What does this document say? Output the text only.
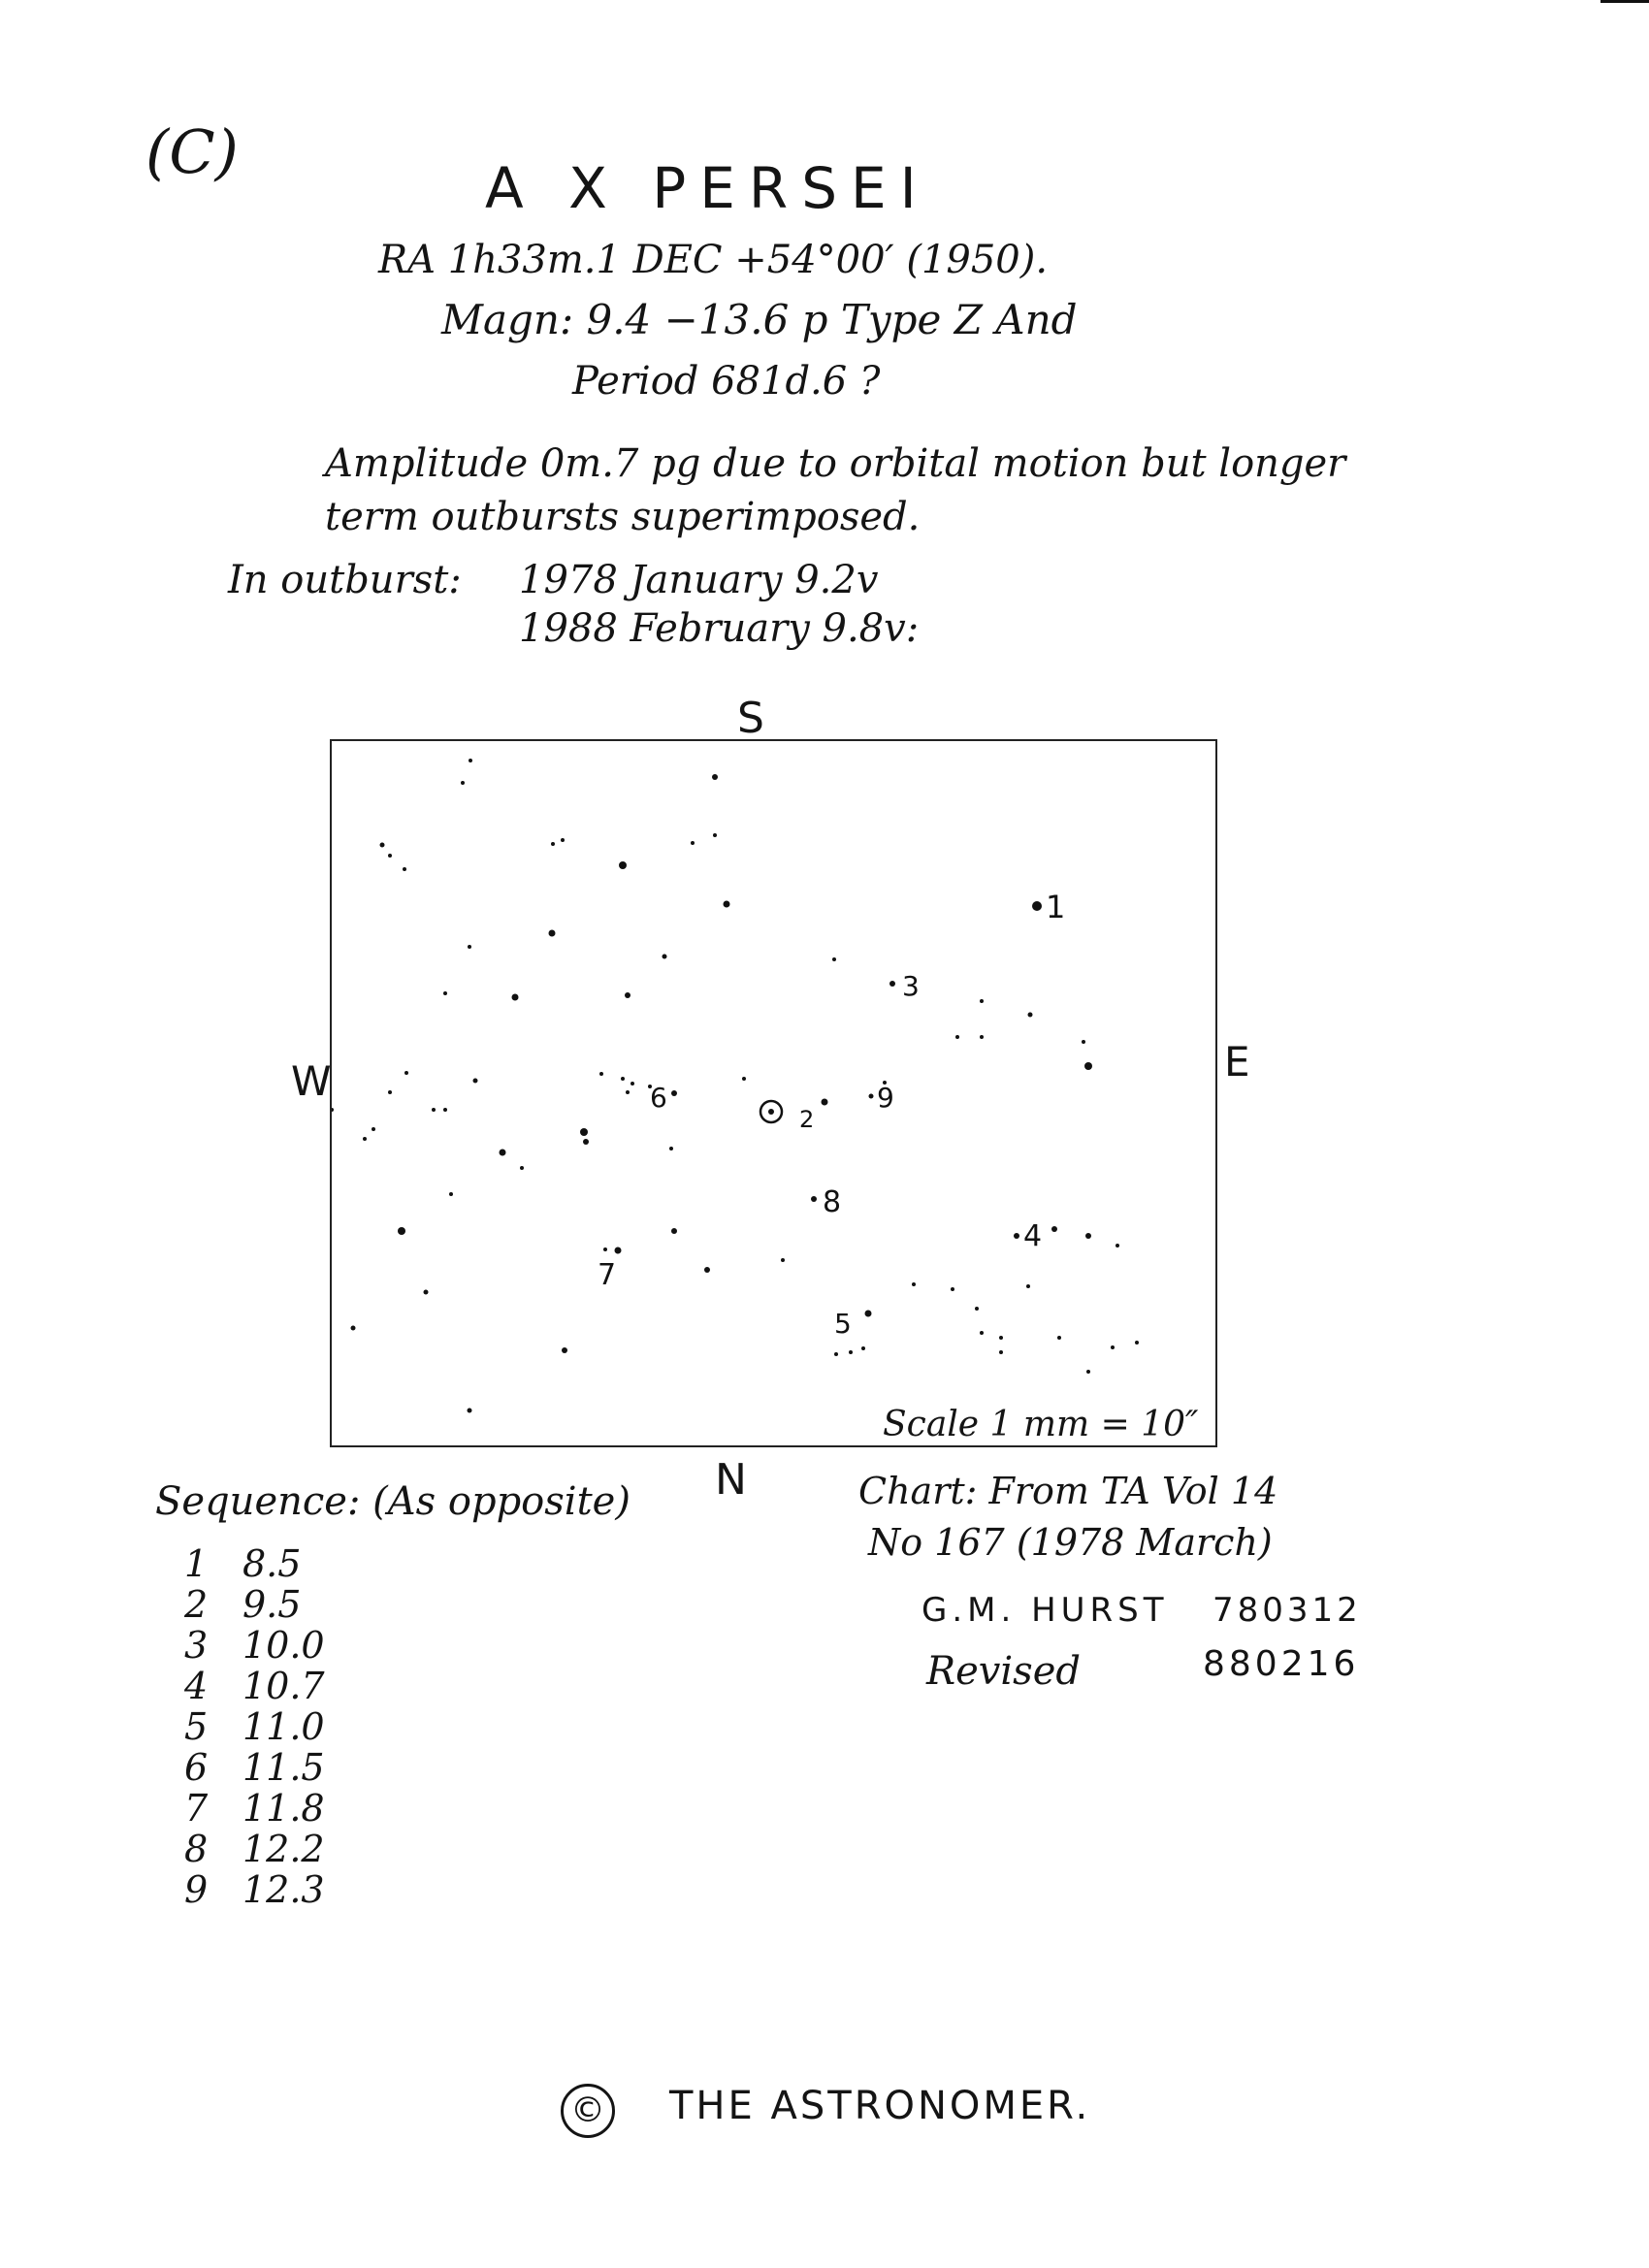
(C)
A X PERSEI
RA 1h33m.1 DEC +54°00′ (1950).
Magn: 9.4 −13.6 p Type Z And
Period 681d.6 ?
Amplitude 0m.7 pg due to orbital motion but longer
term outbursts superimposed.
In outburst: 1978 January 9.2v
1988 February 9.8v:
S
N
W	E
1
2
3
4
5
6
7
8
9
Scale 1 mm = 10″
Sequence: (As opposite)
1 8.5
2 9.5
3 10.0
4 10.7
5 11.0
6 11.5
7 11.8
8 12.2
9 12.3
Chart: From TA Vol 14
No 167 (1978 March)
G.M. HURST 780312
Revised	880216
© THE ASTRONOMER.
